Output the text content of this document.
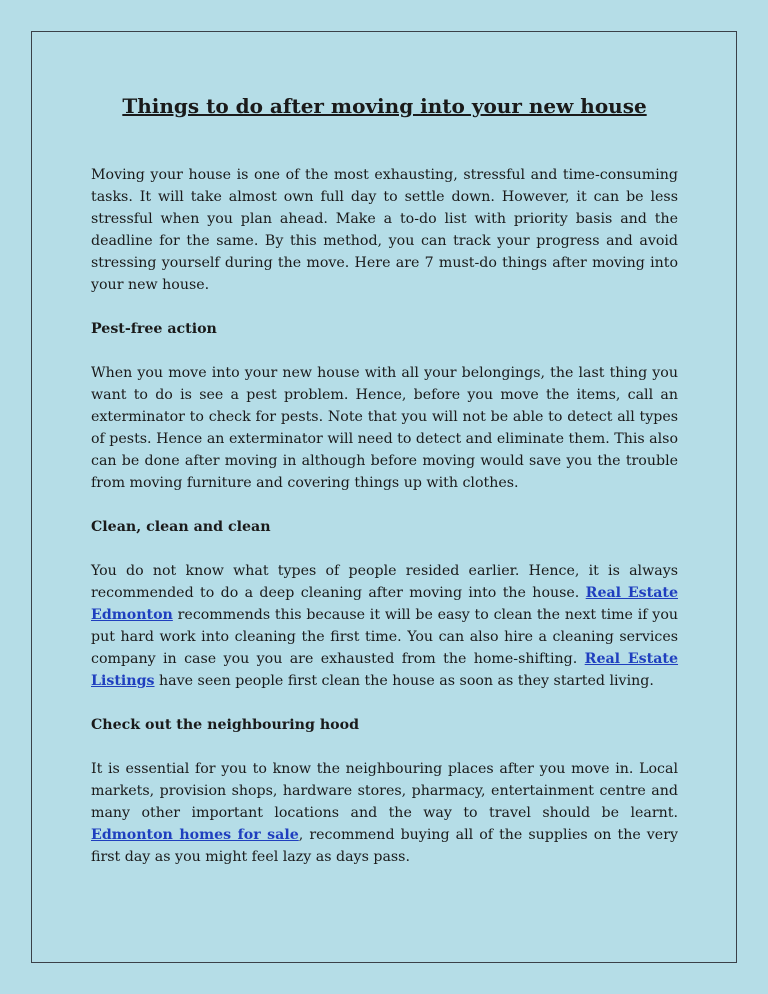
Things to do after moving into your new house

Moving your house is one of the most exhausting, stressful and time-consuming tasks. It will take almost own full day to settle down. However, it can be less stressful when you plan ahead. Make a to-do list with priority basis and the deadline for the same. By this method, you can track your progress and avoid stressing yourself during the move. Here are 7 must-do things after moving into your new house.

Pest-free action

When you move into your new house with all your belongings, the last thing you want to do is see a pest problem. Hence, before you move the items, call an exterminator to check for pests. Note that you will not be able to detect all types of pests. Hence an exterminator will need to detect and eliminate them. This also can be done after moving in although before moving would save you the trouble from moving furniture and covering things up with clothes.

Clean, clean and clean

You do not know what types of people resided earlier. Hence, it is always recommended to do a deep cleaning after moving into the house. Real Estate Edmonton recommends this because it will be easy to clean the next time if you put hard work into cleaning the first time. You can also hire a cleaning services company in case you you are exhausted from the home-shifting. Real Estate Listings have seen people first clean the house as soon as they started living.

Check out the neighbouring hood

It is essential for you to know the neighbouring places after you move in. Local markets, provision shops, hardware stores, pharmacy, entertainment centre and many other important locations and the way to travel should be learnt. Edmonton homes for sale, recommend buying all of the supplies on the very first day as you might feel lazy as days pass.
